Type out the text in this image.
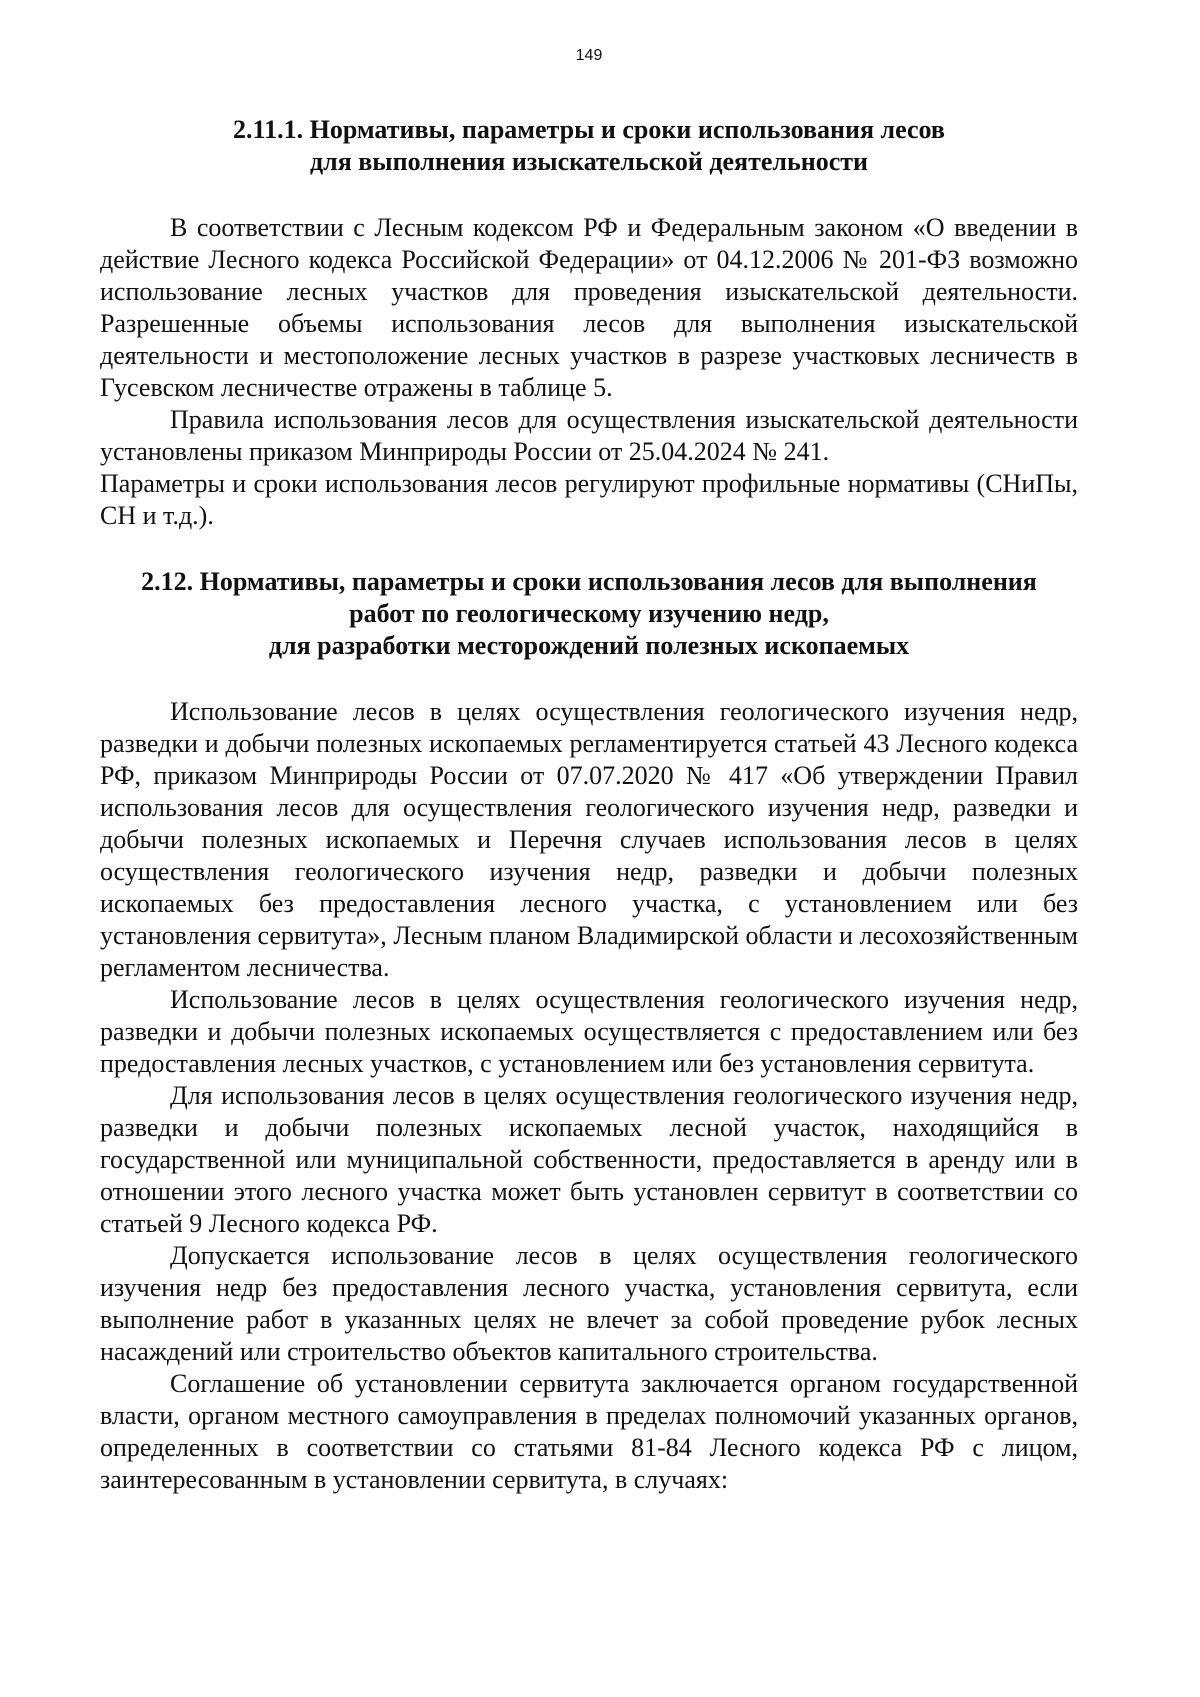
149
2.11.1. Нормативы, параметры и сроки использования лесов
для выполнения изыскательской деятельности

В соответствии с Лесным кодексом РФ и Федеральным законом «О введении в действие Лесного кодекса Российской Федерации» от 04.12.2006 № 201-ФЗ возможно использование лесных участков для проведения изыскательской деятельности. Разрешенные объемы использования лесов для выполнения изыскательской деятельности и местоположение лесных участков в разрезе участковых лесничеств в Гусевском лесничестве отражены в таблице 5.

Правила использования лесов для осуществления изыскательской деятельности установлены приказом Минприроды России от 25.04.2024 № 241.

Параметры и сроки использования лесов регулируют профильные нормативы (СНиПы, СН и т.д.).

2.12. Нормативы, параметры и сроки использования лесов для выполнения
работ по геологическому изучению недр,
для разработки месторождений полезных ископаемых

Использование лесов в целях осуществления геологического изучения недр, разведки и добычи полезных ископаемых регламентируется статьей 43 Лесного кодекса РФ, приказом Минприроды России от 07.07.2020 № 417 «Об утверждении Правил использования лесов для осуществления геологического изучения недр, разведки и добычи полезных ископаемых и Перечня случаев использования лесов в целях осуществления геологического изучения недр, разведки и добычи полезных ископаемых без предоставления лесного участка, с установлением или без установления сервитута», Лесным планом Владимирской области и лесохозяйственным регламентом лесничества.

Использование лесов в целях осуществления геологического изучения недр, разведки и добычи полезных ископаемых осуществляется с предоставлением или без предоставления лесных участков, с установлением или без установления сервитута.

Для использования лесов в целях осуществления геологического изучения недр, разведки и добычи полезных ископаемых лесной участок, находящийся в государственной или муниципальной собственности, предоставляется в аренду или в отношении этого лесного участка может быть установлен сервитут в соответствии со статьей 9 Лесного кодекса РФ.

Допускается использование лесов в целях осуществления геологического изучения недр без предоставления лесного участка, установления сервитута, если выполнение работ в указанных целях не влечет за собой проведение рубок лесных насаждений или строительство объектов капитального строительства.

Соглашение об установлении сервитута заключается органом государственной власти, органом местного самоуправления в пределах полномочий указанных органов, определенных в соответствии со статьями 81-84 Лесного кодекса РФ с лицом, заинтересованным в установлении сервитута, в случаях:
